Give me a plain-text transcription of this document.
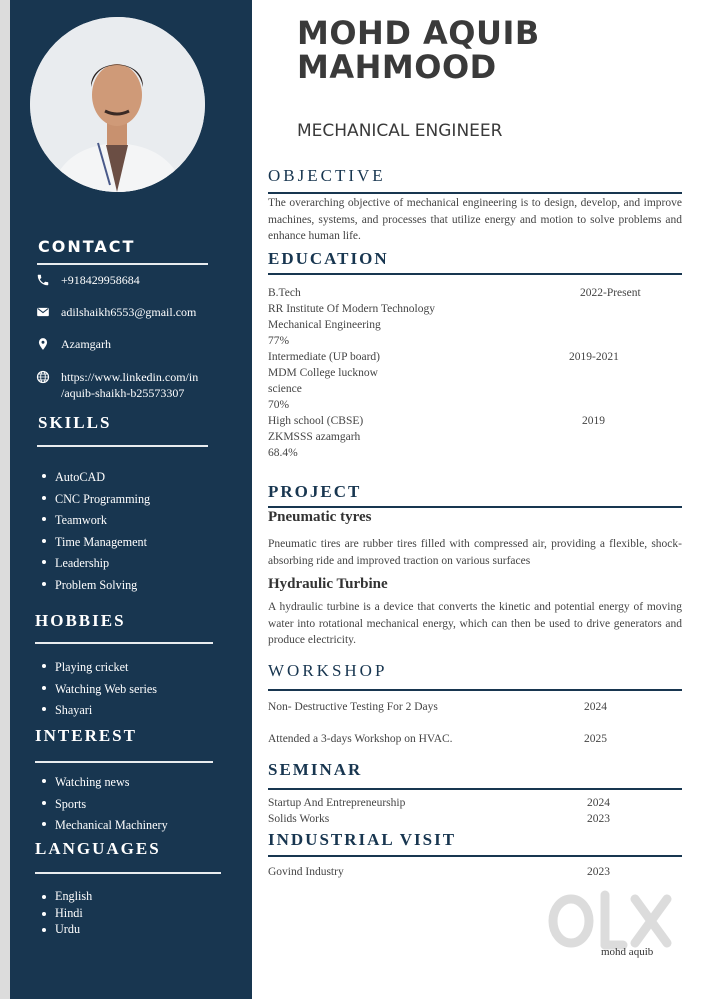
CONTACT
+918429958684
adilshaikh6553@gmail.com
Azamgarh
https://www.linkedin.com/in
/aquib-shaikh-b25573307
SKILLS
AutoCAD
CNC Programming
Teamwork
Time Management
Leadership
Problem Solving
HOBBIES
Playing cricket
Watching Web series
Shayari
INTEREST
Watching news
Sports
Mechanical Machinery
LANGUAGES
English
Hindi
Urdu
MOHD AQUIB
MAHMOOD
MECHANICAL ENGINEER
OBJECTIVE
The overarching objective of mechanical engineering is to design, develop, and improve machines, systems, and processes that utilize energy and motion to solve problems and enhance human life.
EDUCATION
B.Tech	2022-Present
RR Institute Of Modern Technology
Mechanical Engineering
77%
Intermediate (UP board)	2019-2021
MDM College lucknow
science
70%
High school (CBSE)	2019
ZKMSSS azamgarh
68.4%
PROJECT
Pneumatic tyres
Pneumatic tires are rubber tires filled with compressed air, providing a flexible, shock-absorbing ride and improved traction on various surfaces
Hydraulic Turbine
A hydraulic turbine is a device that converts the kinetic and potential energy of moving water into rotational mechanical energy, which can then be used to drive generators and produce electricity.
WORKSHOP
Non- Destructive Testing For 2 Days	2024
Attended a 3-days Workshop on HVAC.	2025
SEMINAR
Startup And Entrepreneurship	2024
Solids Works	2023
INDUSTRIAL VISIT
Govind Industry	2023
mohd aquib
